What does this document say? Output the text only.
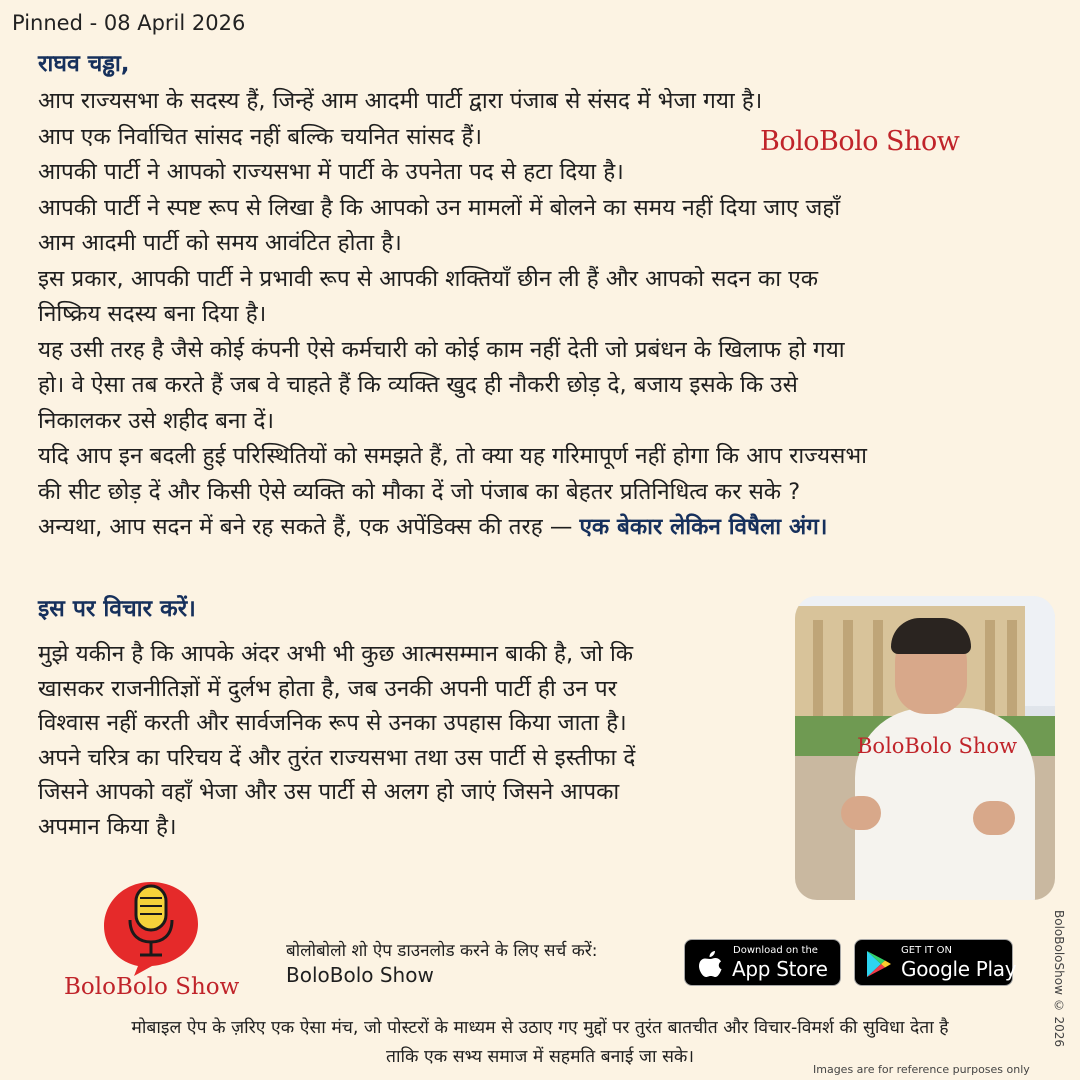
Pinned - 08 April 2026
राघव चड्ढा,
आप राज्यसभा के सदस्य हैं, जिन्हें आम आदमी पार्टी द्वारा पंजाब से संसद में भेजा गया है।
आप एक निर्वाचित सांसद नहीं बल्कि चयनित सांसद हैं।
आपकी पार्टी ने आपको राज्यसभा में पार्टी के उपनेता पद से हटा दिया है।
आपकी पार्टी ने स्पष्ट रूप से लिखा है कि आपको उन मामलों में बोलने का समय नहीं दिया जाए जहाँ
आम आदमी पार्टी को समय आवंटित होता है।
इस प्रकार, आपकी पार्टी ने प्रभावी रूप से आपकी शक्तियाँ छीन ली हैं और आपको सदन का एक
निष्क्रिय सदस्य बना दिया है।
यह उसी तरह है जैसे कोई कंपनी ऐसे कर्मचारी को कोई काम नहीं देती जो प्रबंधन के खिलाफ हो गया
हो। वे ऐसा तब करते हैं जब वे चाहते हैं कि व्यक्ति खुद ही नौकरी छोड़ दे, बजाय इसके कि उसे
निकालकर उसे शहीद बना दें।
यदि आप इन बदली हुई परिस्थितियों को समझते हैं, तो क्या यह गरिमापूर्ण नहीं होगा कि आप राज्यसभा
की सीट छोड़ दें और किसी ऐसे व्यक्ति को मौका दें जो पंजाब का बेहतर प्रतिनिधित्व कर सके ?
अन्यथा, आप सदन में बने रह सकते हैं, एक अपेंडिक्स की तरह — एक बेकार लेकिन विषैला अंग।
BoloBolo Show
इस पर विचार करें।
मुझे यकीन है कि आपके अंदर अभी भी कुछ आत्मसम्मान बाकी है, जो कि
खासकर राजनीतिज्ञों में दुर्लभ होता है, जब उनकी अपनी पार्टी ही उन पर
विश्वास नहीं करती और सार्वजनिक रूप से उनका उपहास किया जाता है।
अपने चरित्र का परिचय दें और तुरंत राज्यसभा तथा उस पार्टी से इस्तीफा दें
जिसने आपको वहाँ भेजा और उस पार्टी से अलग हो जाएं जिसने आपका
अपमान किया है।
BoloBolo Show
BoloBolo Show
बोलोबोलो शो ऐप डाउनलोड करने के लिए सर्च करें:
BoloBolo Show
Download on the
App Store
GET IT ON
Google Play
मोबाइल ऐप के ज़रिए एक ऐसा मंच, जो पोस्टरों के माध्यम से उठाए गए मुद्दों पर तुरंत बातचीत और विचार-विमर्श की सुविधा देता है
ताकि एक सभ्य समाज में सहमति बनाई जा सके।
Images are for reference purposes only
BoloBoloShow © 2026
